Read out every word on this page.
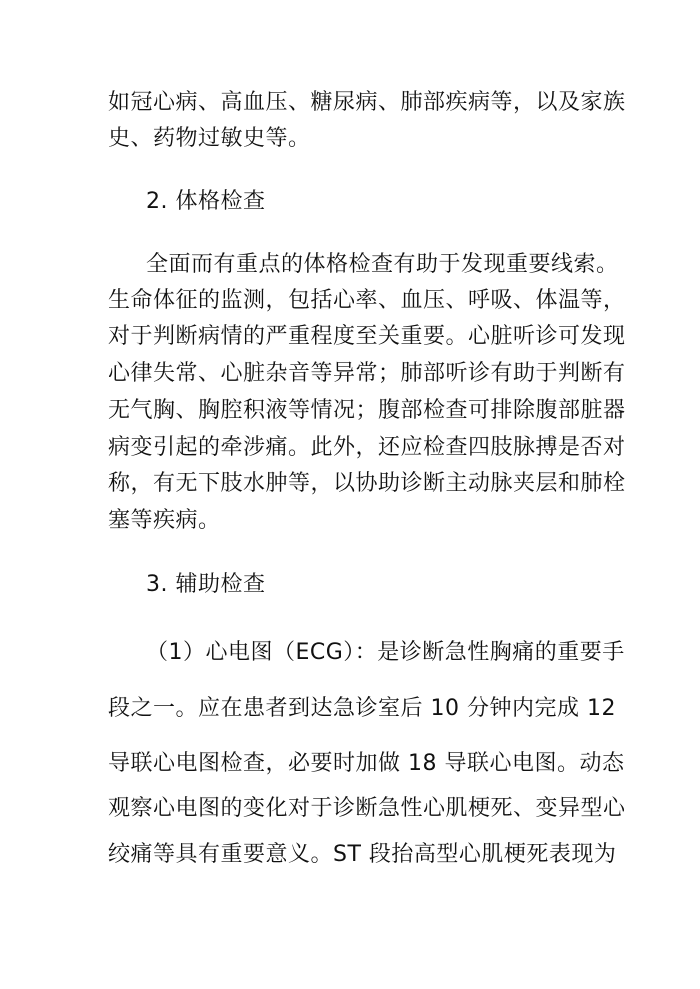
如冠心病、高血压、糖尿病、肺部疾病等，以及家族
史、药物过敏史等。
2. 体格检查
全面而有重点的体格检查有助于发现重要线索。
生命体征的监测，包括心率、血压、呼吸、体温等，
对于判断病情的严重程度至关重要。心脏听诊可发现
心律失常、心脏杂音等异常；肺部听诊有助于判断有
无气胸、胸腔积液等情况；腹部检查可排除腹部脏器
病变引起的牵涉痛。此外，还应检查四肢脉搏是否对
称，有无下肢水肿等，以协助诊断主动脉夹层和肺栓
塞等疾病。
3. 辅助检查
（1）心电图（ECG）：是诊断急性胸痛的重要手
段之一。应在患者到达急诊室后 10 分钟内完成 12
导联心电图检查，必要时加做 18 导联心电图。动态
观察心电图的变化对于诊断急性心肌梗死、变异型心
绞痛等具有重要意义。ST 段抬高型心肌梗死表现为
